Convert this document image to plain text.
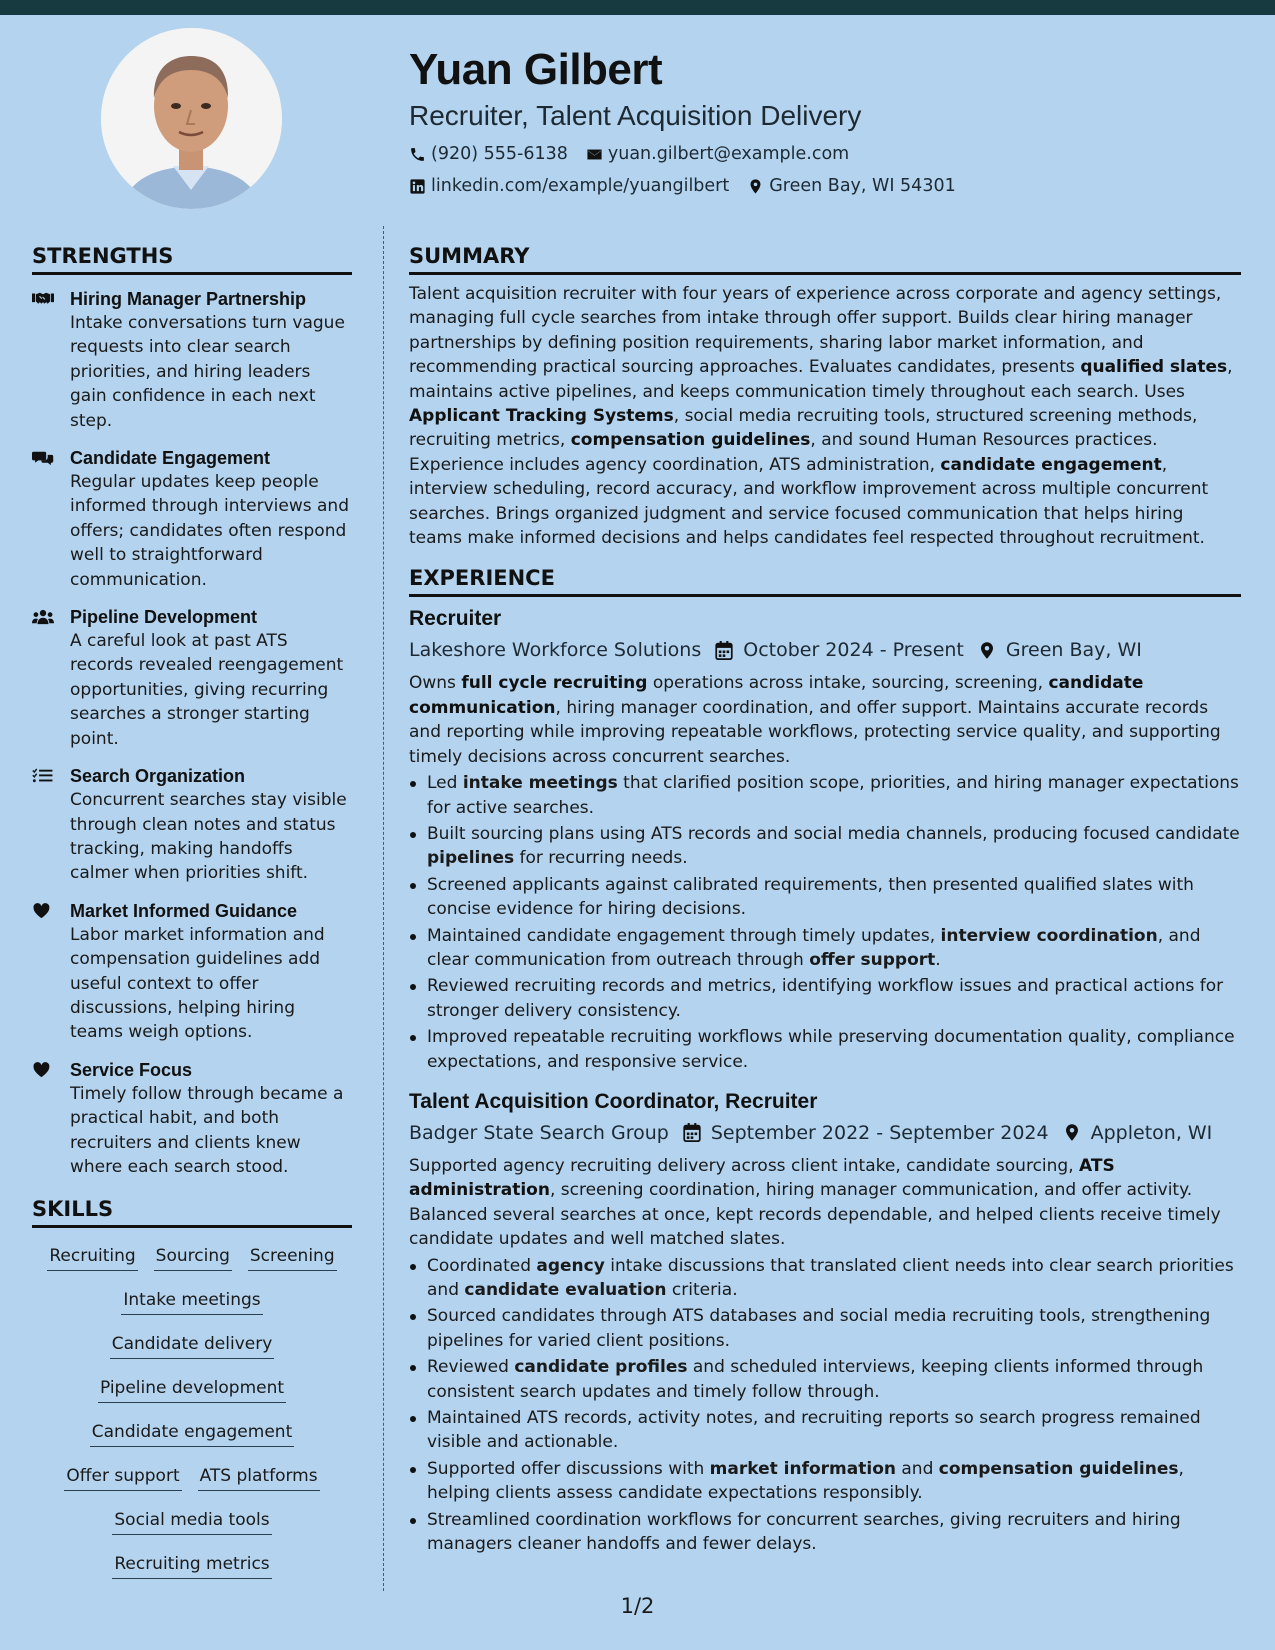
Yuan Gilbert
Recruiter, Talent Acquisition Delivery
(920) 555-6138 yuan.gilbert@example.com
linkedin.com/example/yuangilbert Green Bay, WI 54301
STRENGTHS
Hiring Manager Partnership
Intake conversations turn vague requests into clear search priorities, and hiring leaders gain confidence in each next step.
Candidate Engagement
Regular updates keep people informed through interviews and offers; candidates often respond well to straightforward communication.
Pipeline Development
A careful look at past ATS records revealed reengagement opportunities, giving recurring searches a stronger starting point.
Search Organization
Concurrent searches stay visible through clean notes and status tracking, making handoffs calmer when priorities shift.
Market Informed Guidance
Labor market information and compensation guidelines add useful context to offer discussions, helping hiring teams weigh options.
Service Focus
Timely follow through became a practical habit, and both recruiters and clients knew where each search stood.
SKILLS
Recruiting Sourcing Screening
Intake meetings
Candidate delivery
Pipeline development
Candidate engagement
Offer support ATS platforms
Social media tools
Recruiting metrics
SUMMARY
Talent acquisition recruiter with four years of experience across corporate and agency settings, managing full cycle searches from intake through offer support. Builds clear hiring manager partnerships by defining position requirements, sharing labor market information, and recommending practical sourcing approaches. Evaluates candidates, presents qualified slates, maintains active pipelines, and keeps communication timely throughout each search. Uses Applicant Tracking Systems, social media recruiting tools, structured screening methods, recruiting metrics, compensation guidelines, and sound Human Resources practices. Experience includes agency coordination, ATS administration, candidate engagement, interview scheduling, record accuracy, and workflow improvement across multiple concurrent searches. Brings organized judgment and service focused communication that helps hiring teams make informed decisions and helps candidates feel respected throughout recruitment.
EXPERIENCE
Recruiter
Lakeshore Workforce Solutions October 2024 - Present Green Bay, WI
Owns full cycle recruiting operations across intake, sourcing, screening, candidate communication, hiring manager coordination, and offer support. Maintains accurate records and reporting while improving repeatable workflows, protecting service quality, and supporting timely decisions across concurrent searches.
Led intake meetings that clarified position scope, priorities, and hiring manager expectations for active searches.
Built sourcing plans using ATS records and social media channels, producing focused candidate pipelines for recurring needs.
Screened applicants against calibrated requirements, then presented qualified slates with concise evidence for hiring decisions.
Maintained candidate engagement through timely updates, interview coordination, and clear communication from outreach through offer support.
Reviewed recruiting records and metrics, identifying workflow issues and practical actions for stronger delivery consistency.
Improved repeatable recruiting workflows while preserving documentation quality, compliance expectations, and responsive service.
Talent Acquisition Coordinator, Recruiter
Badger State Search Group September 2022 - September 2024 Appleton, WI
Supported agency recruiting delivery across client intake, candidate sourcing, ATS administration, screening coordination, hiring manager communication, and offer activity. Balanced several searches at once, kept records dependable, and helped clients receive timely candidate updates and well matched slates.
Coordinated agency intake discussions that translated client needs into clear search priorities and candidate evaluation criteria.
Sourced candidates through ATS databases and social media recruiting tools, strengthening pipelines for varied client positions.
Reviewed candidate profiles and scheduled interviews, keeping clients informed through consistent search updates and timely follow through.
Maintained ATS records, activity notes, and recruiting reports so search progress remained visible and actionable.
Supported offer discussions with market information and compensation guidelines, helping clients assess candidate expectations responsibly.
Streamlined coordination workflows for concurrent searches, giving recruiters and hiring managers cleaner handoffs and fewer delays.
1/2
